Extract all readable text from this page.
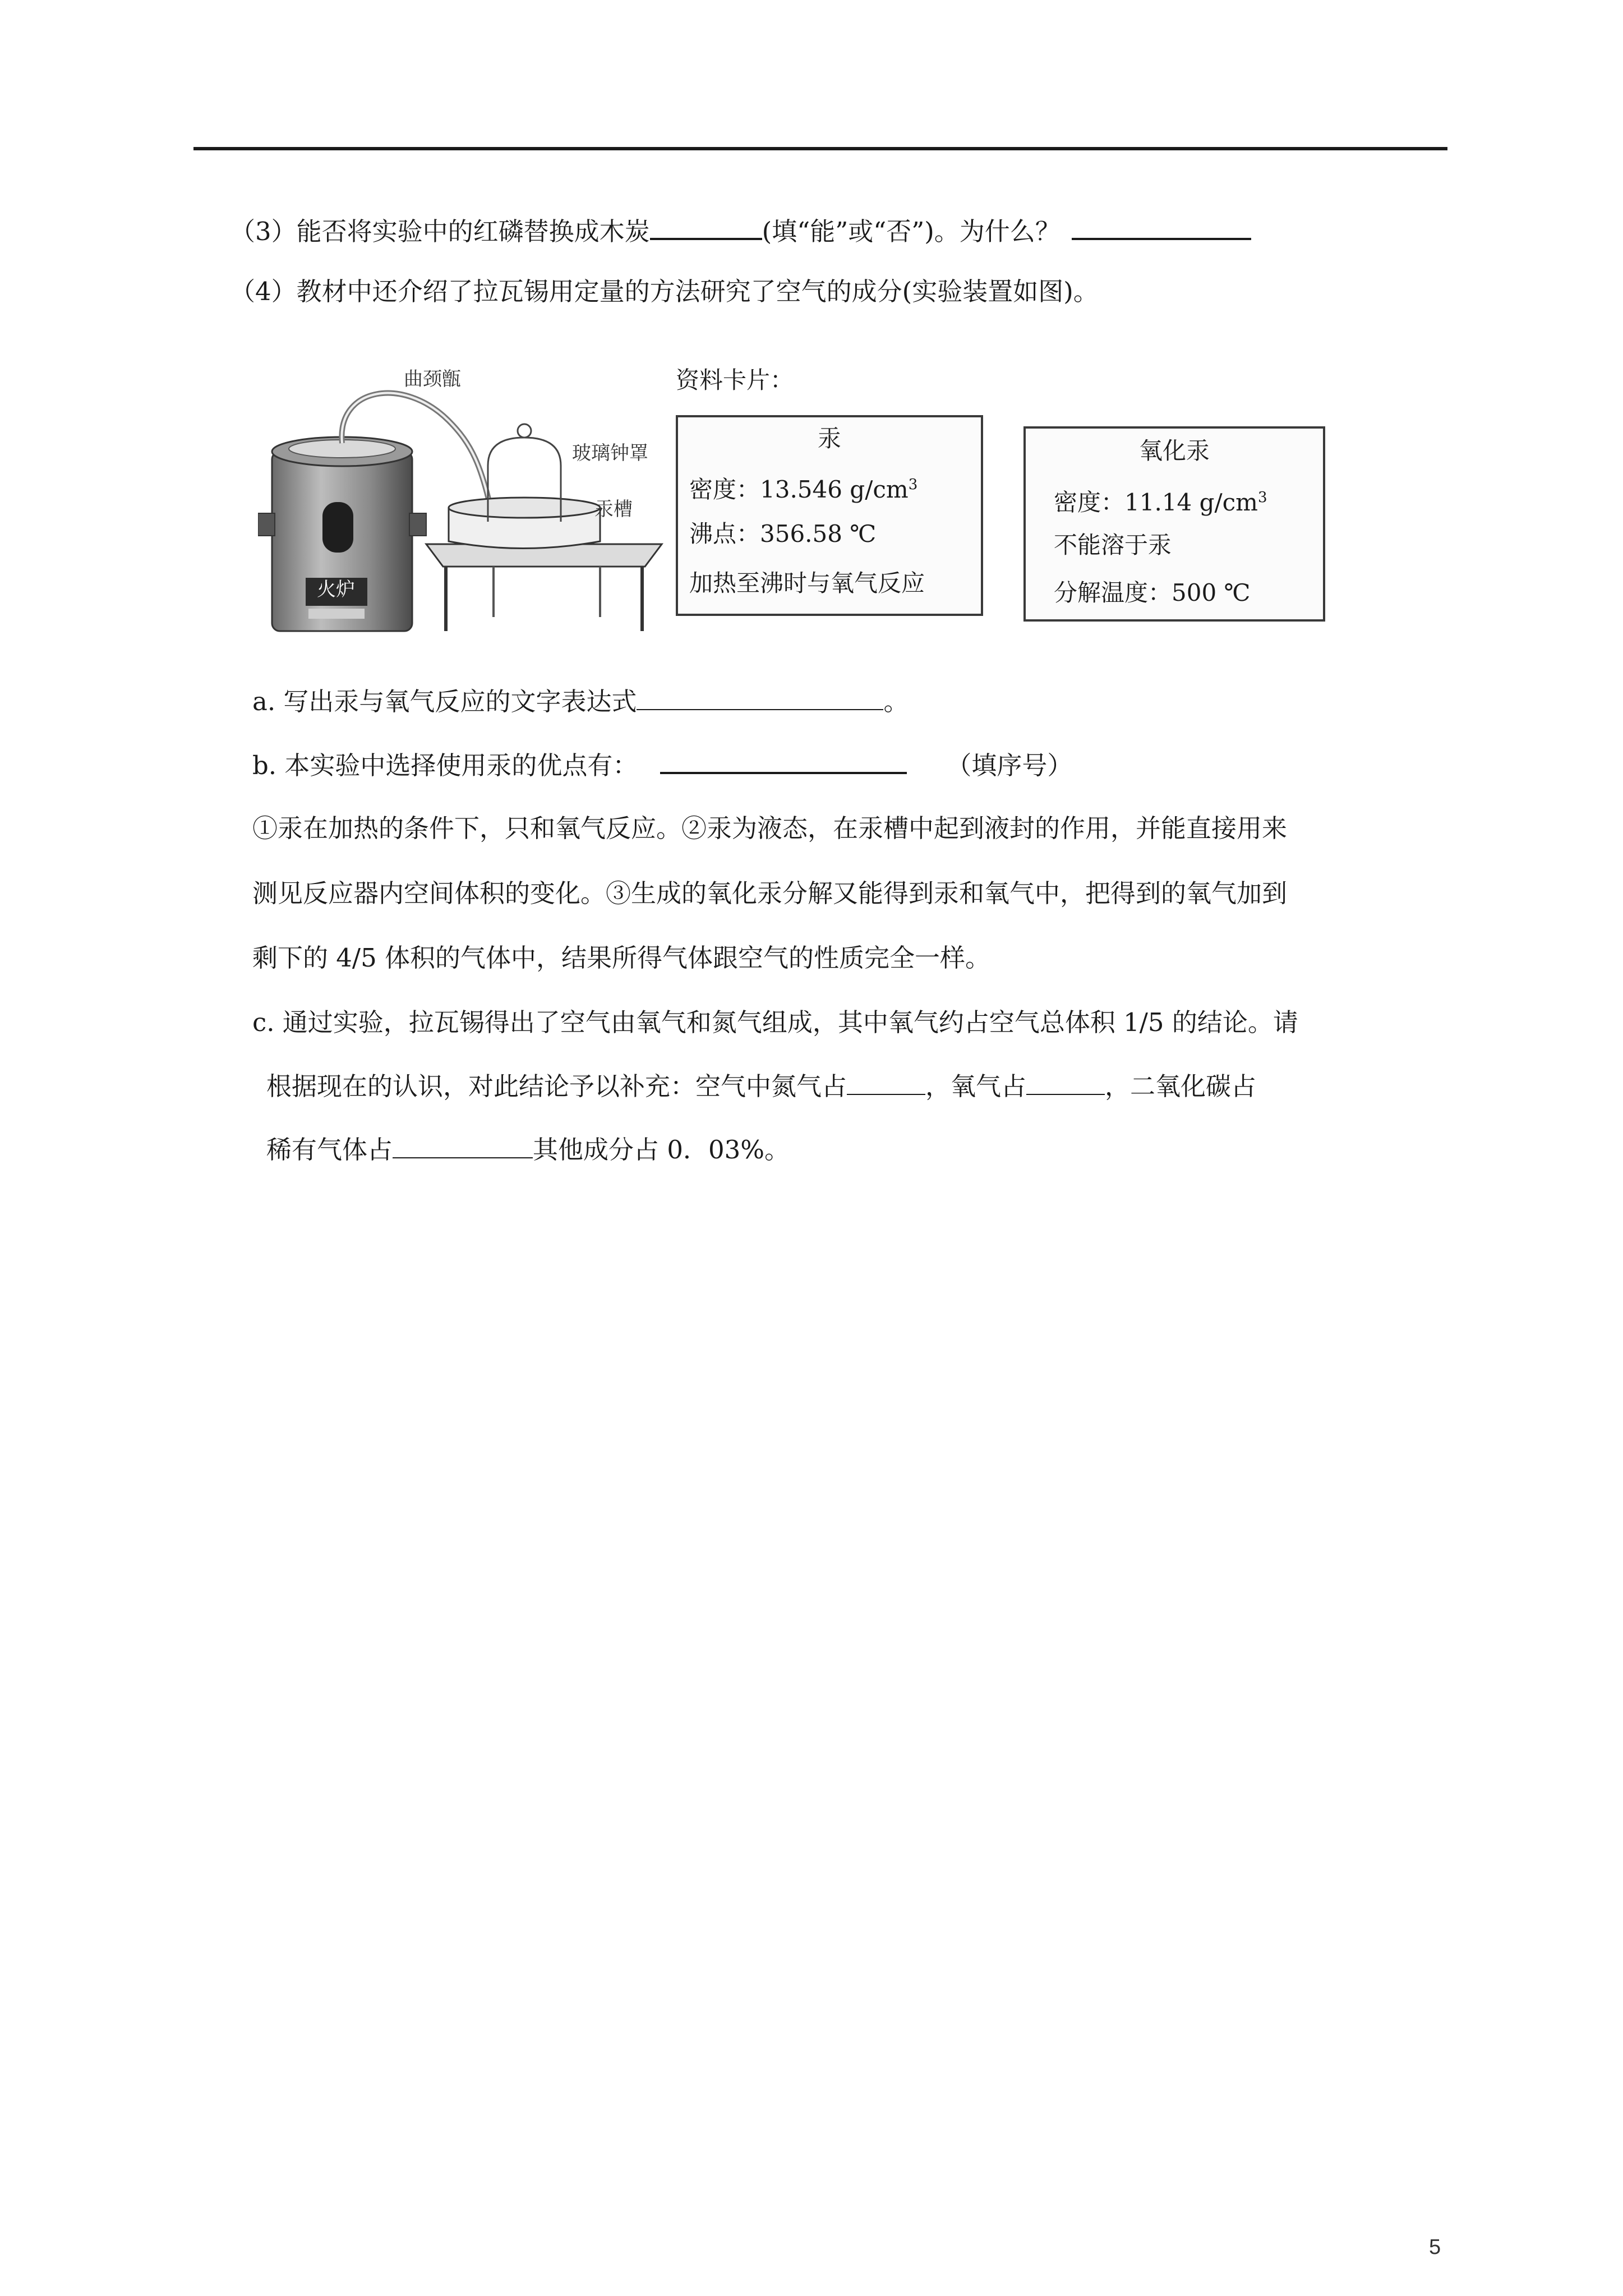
（3）能否将实验中的红磷替换成木炭	(填“能”或“否”)。为什么？
（4）教材中还介绍了拉瓦锡用定量的方法研究了空气的成分(实验装置如图)。
曲颈甑
玻璃钟罩
汞槽
火炉
资料卡片：
汞
密度：13.546 $g/cm^3$
沸点：356.58 ℃
加热至沸时与氧气反应
氧化汞
密度：11.14 $g/cm^3$
不能溶于汞
分解温度：500 ℃
a. 写出汞与氧气反应的文字表达式	。
b. 本实验中选择使用汞的优点有：	（填序号）
①汞在加热的条件下，只和氧气反应。②汞为液态，在汞槽中起到液封的作用，并能直接用来
测见反应器内空间体积的变化。③生成的氧化汞分解又能得到汞和氧气中，把得到的氧气加到
剩下的 4/5 体积的气体中，结果所得气体跟空气的性质完全一样。
c. 通过实验，拉瓦锡得出了空气由氧气和氮气组成，其中氧气约占空气总体积 1/5 的结论。请
根据现在的认识，对此结论予以补充：空气中氮气占	，氧气占	，二氧化碳占
稀有气体占	其他成分占 0．03%。
5
